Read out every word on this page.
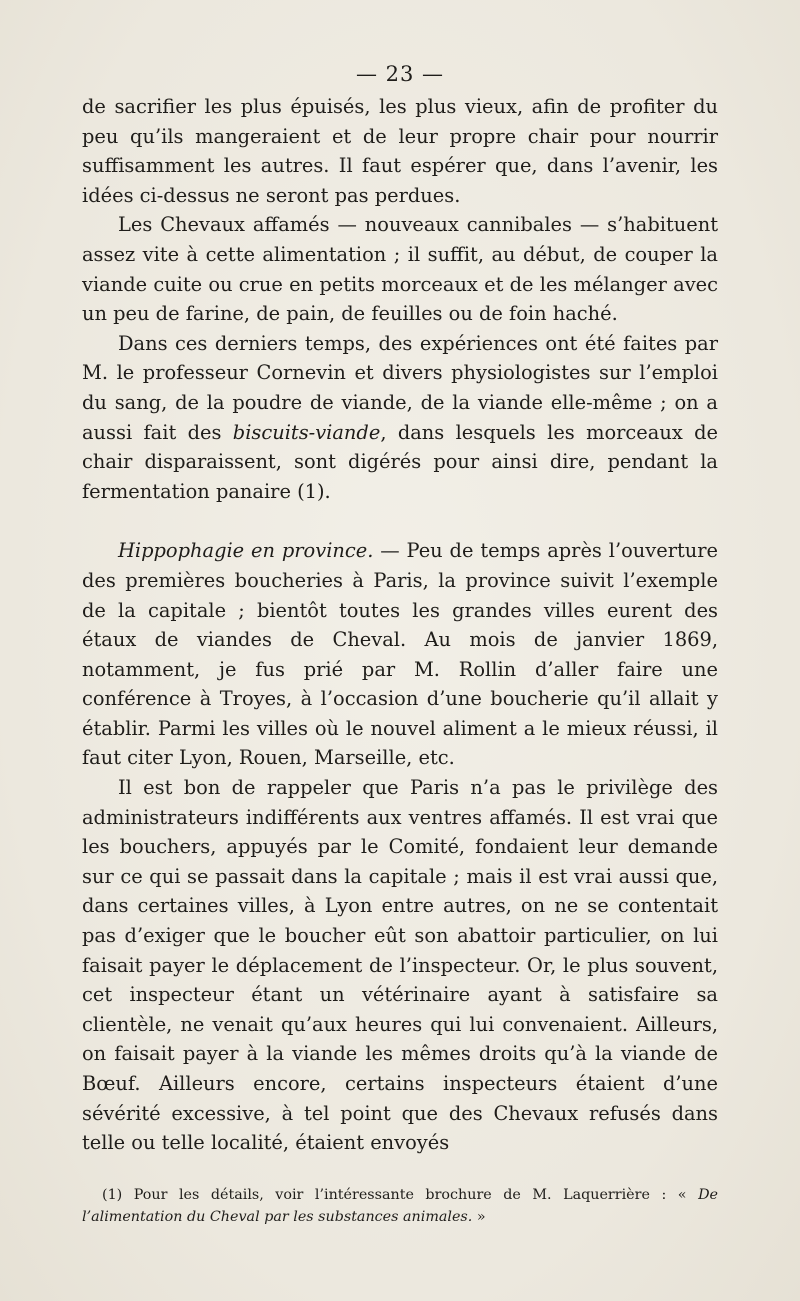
— 23 —

de sacrifier les plus épuisés, les plus vieux, afin de profiter du peu qu’ils mangeraient et de leur propre chair pour nourrir suffisamment les autres. Il faut espérer que, dans l’avenir, les idées ci-dessus ne seront pas perdues.

Les Chevaux affamés — nouveaux cannibales — s’habituent assez vite à cette alimentation ; il suffit, au début, de couper la viande cuite ou crue en petits morceaux et de les mélanger avec un peu de farine, de pain, de feuilles ou de foin haché.

Dans ces derniers temps, des expériences ont été faites par M. le professeur Cornevin et divers physiologistes sur l’emploi du sang, de la poudre de viande, de la viande elle-même ; on a aussi fait des biscuits-viande, dans lesquels les morceaux de chair disparaissent, sont digérés pour ainsi dire, pendant la fermentation panaire (1).

Hippophagie en province. — Peu de temps après l’ouverture des premières boucheries à Paris, la province suivit l’exemple de la capitale ; bientôt toutes les grandes villes eurent des étaux de viandes de Cheval. Au mois de janvier 1869, notamment, je fus prié par M. Rollin d’aller faire une conférence à Troyes, à l’occasion d’une boucherie qu’il allait y établir. Parmi les villes où le nouvel aliment a le mieux réussi, il faut citer Lyon, Rouen, Marseille, etc.

Il est bon de rappeler que Paris n’a pas le privilège des administrateurs indifférents aux ventres affamés. Il est vrai que les bouchers, appuyés par le Comité, fondaient leur demande sur ce qui se passait dans la capitale ; mais il est vrai aussi que, dans certaines villes, à Lyon entre autres, on ne se contentait pas d’exiger que le boucher eût son abattoir particulier, on lui faisait payer le déplacement de l’inspecteur. Or, le plus souvent, cet inspecteur étant un vétérinaire ayant à satisfaire sa clientèle, ne venait qu’aux heures qui lui convenaient. Ailleurs, on faisait payer à la viande les mêmes droits qu’à la viande de Bœuf. Ailleurs encore, certains inspecteurs étaient d’une sévérité excessive, à tel point que des Chevaux refusés dans telle ou telle localité, étaient envoyés

(1) Pour les détails, voir l’intéressante brochure de M. Laquerrière : « De l’alimentation du Cheval par les substances animales. »
